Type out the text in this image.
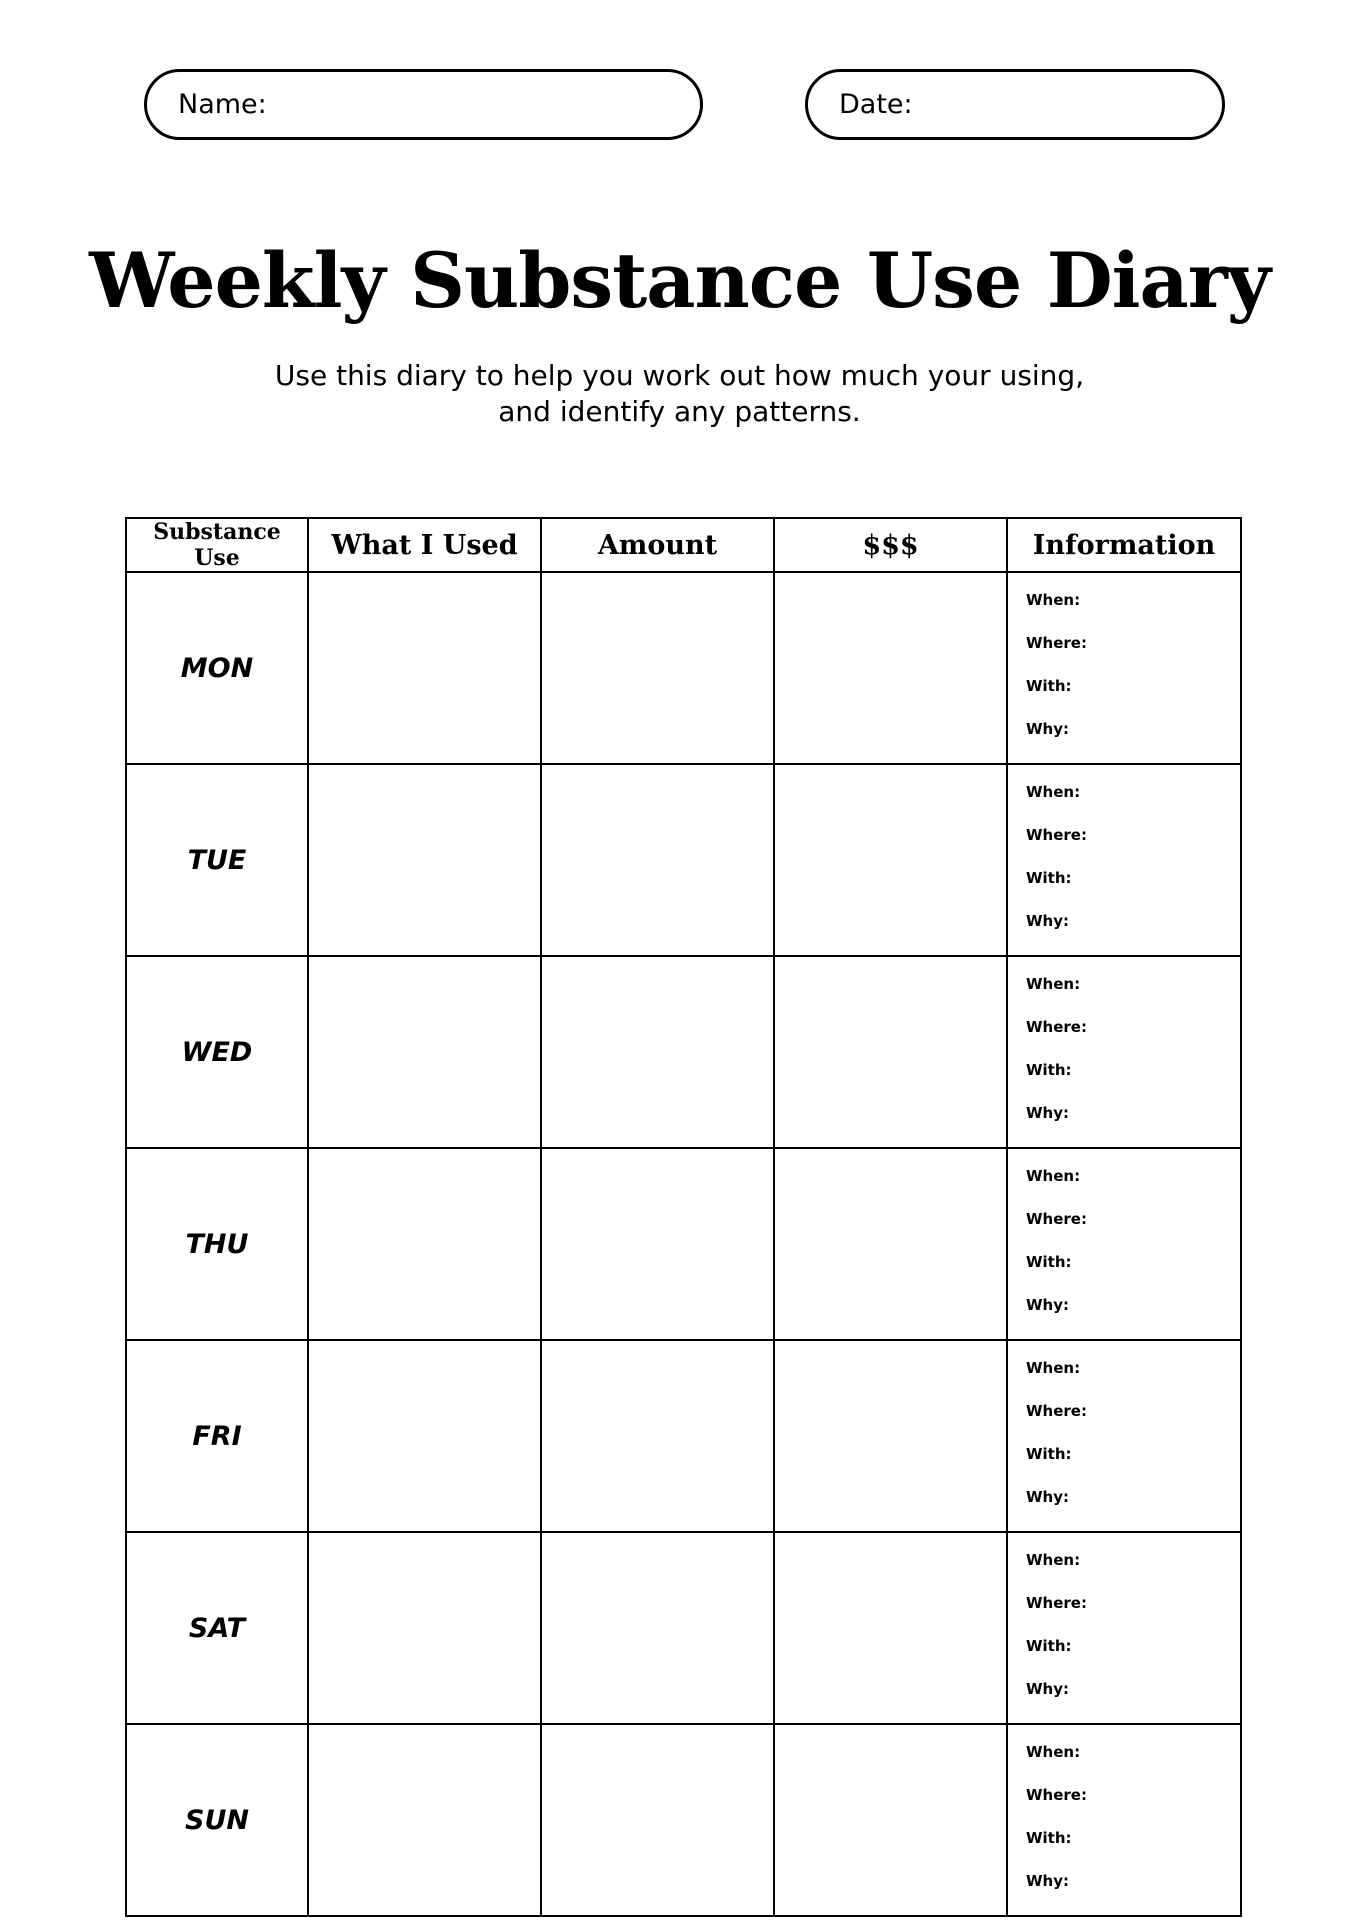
Name:	Date:
Weekly Substance Use Diary
Use this diary to help you work out how much your using,
and identify any patterns.
Substance Use	What I Used	Amount	$$$	Information
MON				When:
Where:
With:
Why:

TUE				When:
Where:
With:
Why:

WED				When:
Where:
With:
Why:

THU				When:
Where:
With:
Why:

FRI				When:
Where:
With:
Why:

SAT				When:
Where:
With:
Why:

SUN				When:
Where:
With:
Why:
